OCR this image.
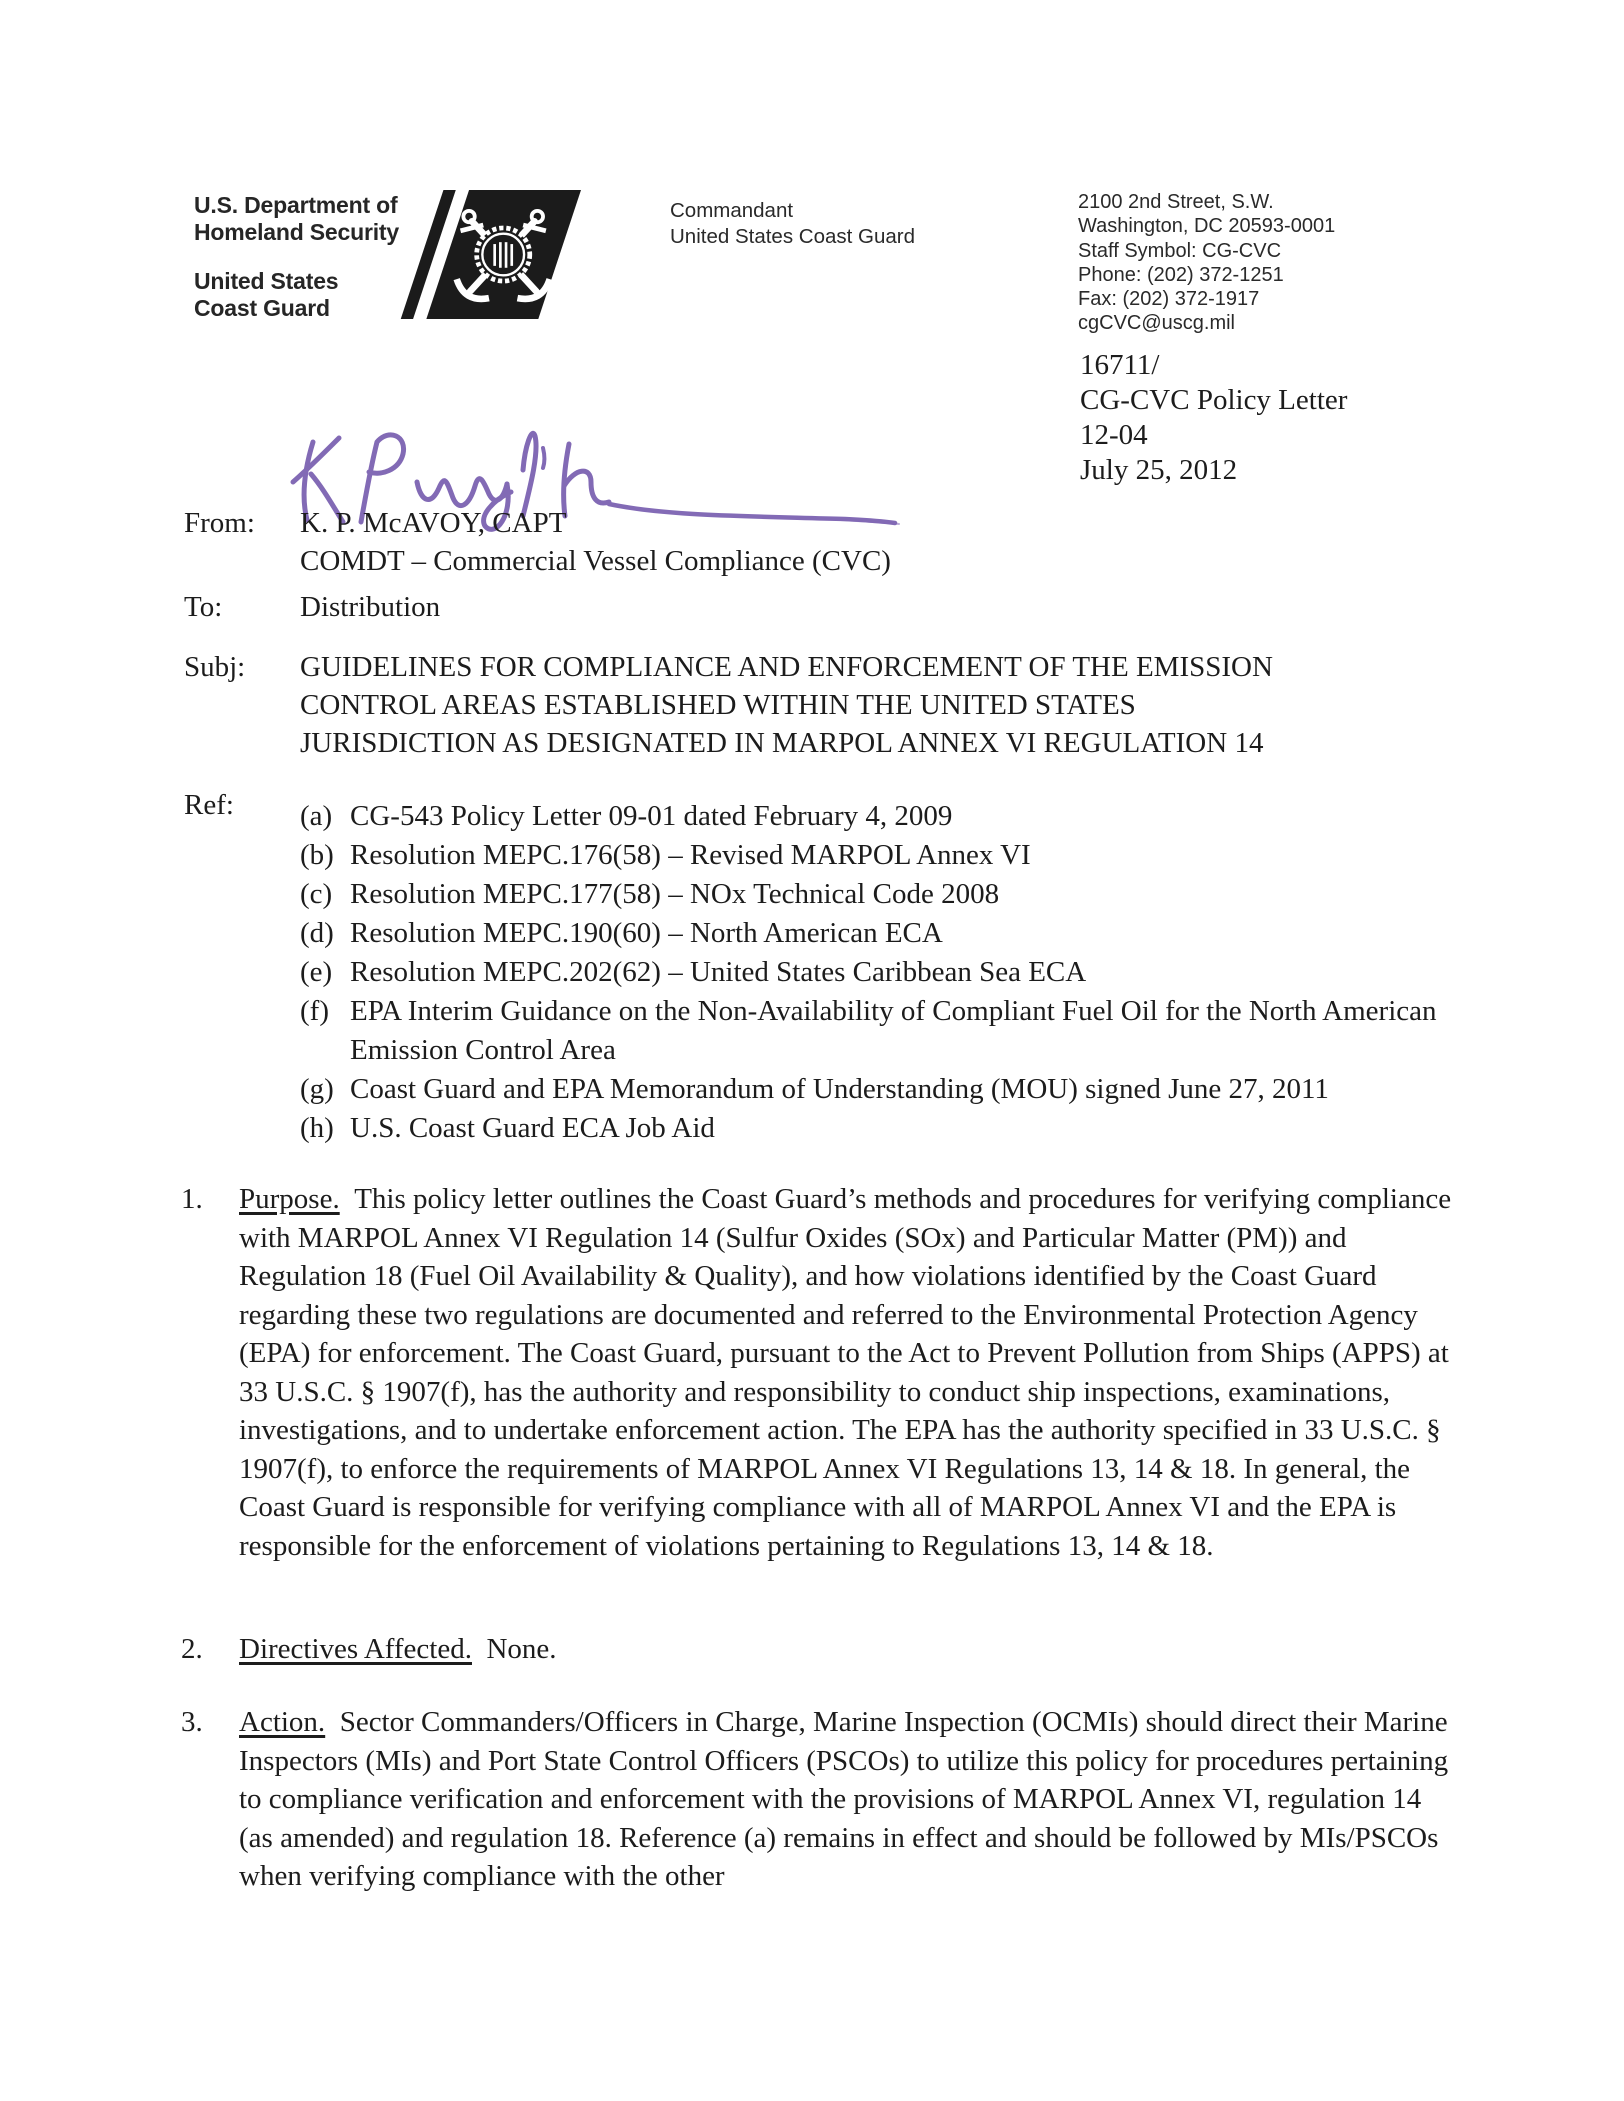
U.S. Department of
Homeland Security
United States
Coast Guard
Commandant
United States Coast Guard
2100 2nd Street, S.W.
Washington, DC 20593-0001
Staff Symbol: CG-CVC
Phone: (202) 372-1251
Fax: (202) 372-1917
cgCVC@uscg.mil
16711/
CG-CVC Policy Letter
12-04
July 25, 2012
From:	K. P. McAVOY, CAPT
COMDT – Commercial Vessel Compliance (CVC)
To:	Distribution
Subj:	GUIDELINES FOR COMPLIANCE AND ENFORCEMENT OF THE EMISSION
CONTROL AREAS ESTABLISHED WITHIN THE UNITED STATES
JURISDICTION AS DESIGNATED IN MARPOL ANNEX VI REGULATION 14
Ref:	(a) CG-543 Policy Letter 09-01 dated February 4, 2009
(b) Resolution MEPC.176(58) – Revised MARPOL Annex VI
(c) Resolution MEPC.177(58) – NOx Technical Code 2008
(d) Resolution MEPC.190(60) – North American ECA
(e) Resolution MEPC.202(62) – United States Caribbean Sea ECA
(f) EPA Interim Guidance on the Non-Availability of Compliant Fuel Oil for the North American Emission Control Area
(g) Coast Guard and EPA Memorandum of Understanding (MOU) signed June 27, 2011
(h) U.S. Coast Guard ECA Job Aid
1.	Purpose. This policy letter outlines the Coast Guard’s methods and procedures for verifying compliance with MARPOL Annex VI Regulation 14 (Sulfur Oxides (SOx) and Particular Matter (PM)) and Regulation 18 (Fuel Oil Availability & Quality), and how violations identified by the Coast Guard regarding these two regulations are documented and referred to the Environmental Protection Agency (EPA) for enforcement. The Coast Guard, pursuant to the Act to Prevent Pollution from Ships (APPS) at 33 U.S.C. § 1907(f), has the authority and responsibility to conduct ship inspections, examinations, investigations, and to undertake enforcement action. The EPA has the authority specified in 33 U.S.C. § 1907(f), to enforce the requirements of MARPOL Annex VI Regulations 13, 14 & 18. In general, the Coast Guard is responsible for verifying compliance with all of MARPOL Annex VI and the EPA is responsible for the enforcement of violations pertaining to Regulations 13, 14 & 18.
2.	Directives Affected. None.
3.	Action. Sector Commanders/Officers in Charge, Marine Inspection (OCMIs) should direct their Marine Inspectors (MIs) and Port State Control Officers (PSCOs) to utilize this policy for procedures pertaining to compliance verification and enforcement with the provisions of MARPOL Annex VI, regulation 14 (as amended) and regulation 18. Reference (a) remains in effect and should be followed by MIs/PSCOs when verifying compliance with the other
